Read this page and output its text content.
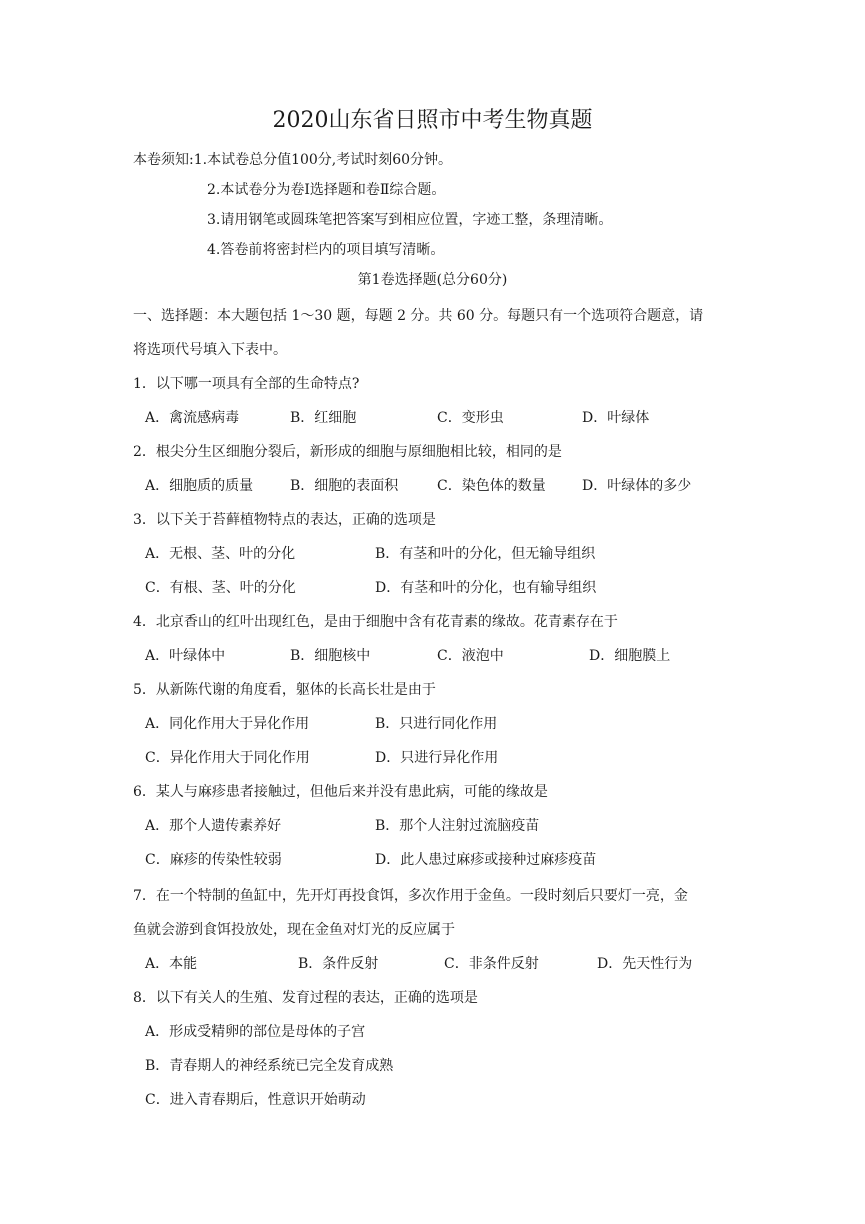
2020山东省日照市中考生物真题
本卷须知:1.本试卷总分值100分,考试时刻60分钟。
2.本试卷分为卷I选择题和卷Ⅱ综合题。
3.请用钢笔或圆珠笔把答案写到相应位置，字迹工整，条理清晰。
4.答卷前将密封栏内的项目填写清晰。
第1卷选择题(总分60分)
一、选择题：本大题包括 1～30 题，每题 2 分。共 60 分。每题只有一个选项符合题意，请
将选项代号填入下表中。
1．以下哪一项具有全部的生命特点?
A．禽流感病毒	B．红细胞	C．变形虫	D．叶绿体
2．根尖分生区细胞分裂后，新形成的细胞与原细胞相比较，相同的是
A．细胞质的质量	B．细胞的表面积	C．染色体的数量	D．叶绿体的多少
3．以下关于苔藓植物特点的表达，正确的选项是
A．无根、茎、叶的分化	B．有茎和叶的分化，但无输导组织
C．有根、茎、叶的分化	D．有茎和叶的分化，也有输导组织
4．北京香山的红叶出现红色，是由于细胞中含有花青素的缘故。花青素存在于
A．叶绿体中	B．细胞核中	C．液泡中	D．细胞膜上
5．从新陈代谢的角度看，躯体的长高长壮是由于
A．同化作用大于异化作用	B．只进行同化作用
C．异化作用大于同化作用	D．只进行异化作用
6．某人与麻疹患者接触过，但他后来并没有患此病，可能的缘故是
A．那个人遗传素养好	B．那个人注射过流脑疫苗
C．麻疹的传染性较弱	D．此人患过麻疹或接种过麻疹疫苗
7．在一个特制的鱼缸中，先开灯再投食饵，多次作用于金鱼。一段时刻后只要灯一亮，金
鱼就会游到食饵投放处，现在金鱼对灯光的反应属于
A．本能	B．条件反射	C．非条件反射	D．先天性行为
8．以下有关人的生殖、发育过程的表达，正确的选项是
A．形成受精卵的部位是母体的子宫
B．青春期人的神经系统已完全发育成熟
C．进入青春期后，性意识开始萌动
